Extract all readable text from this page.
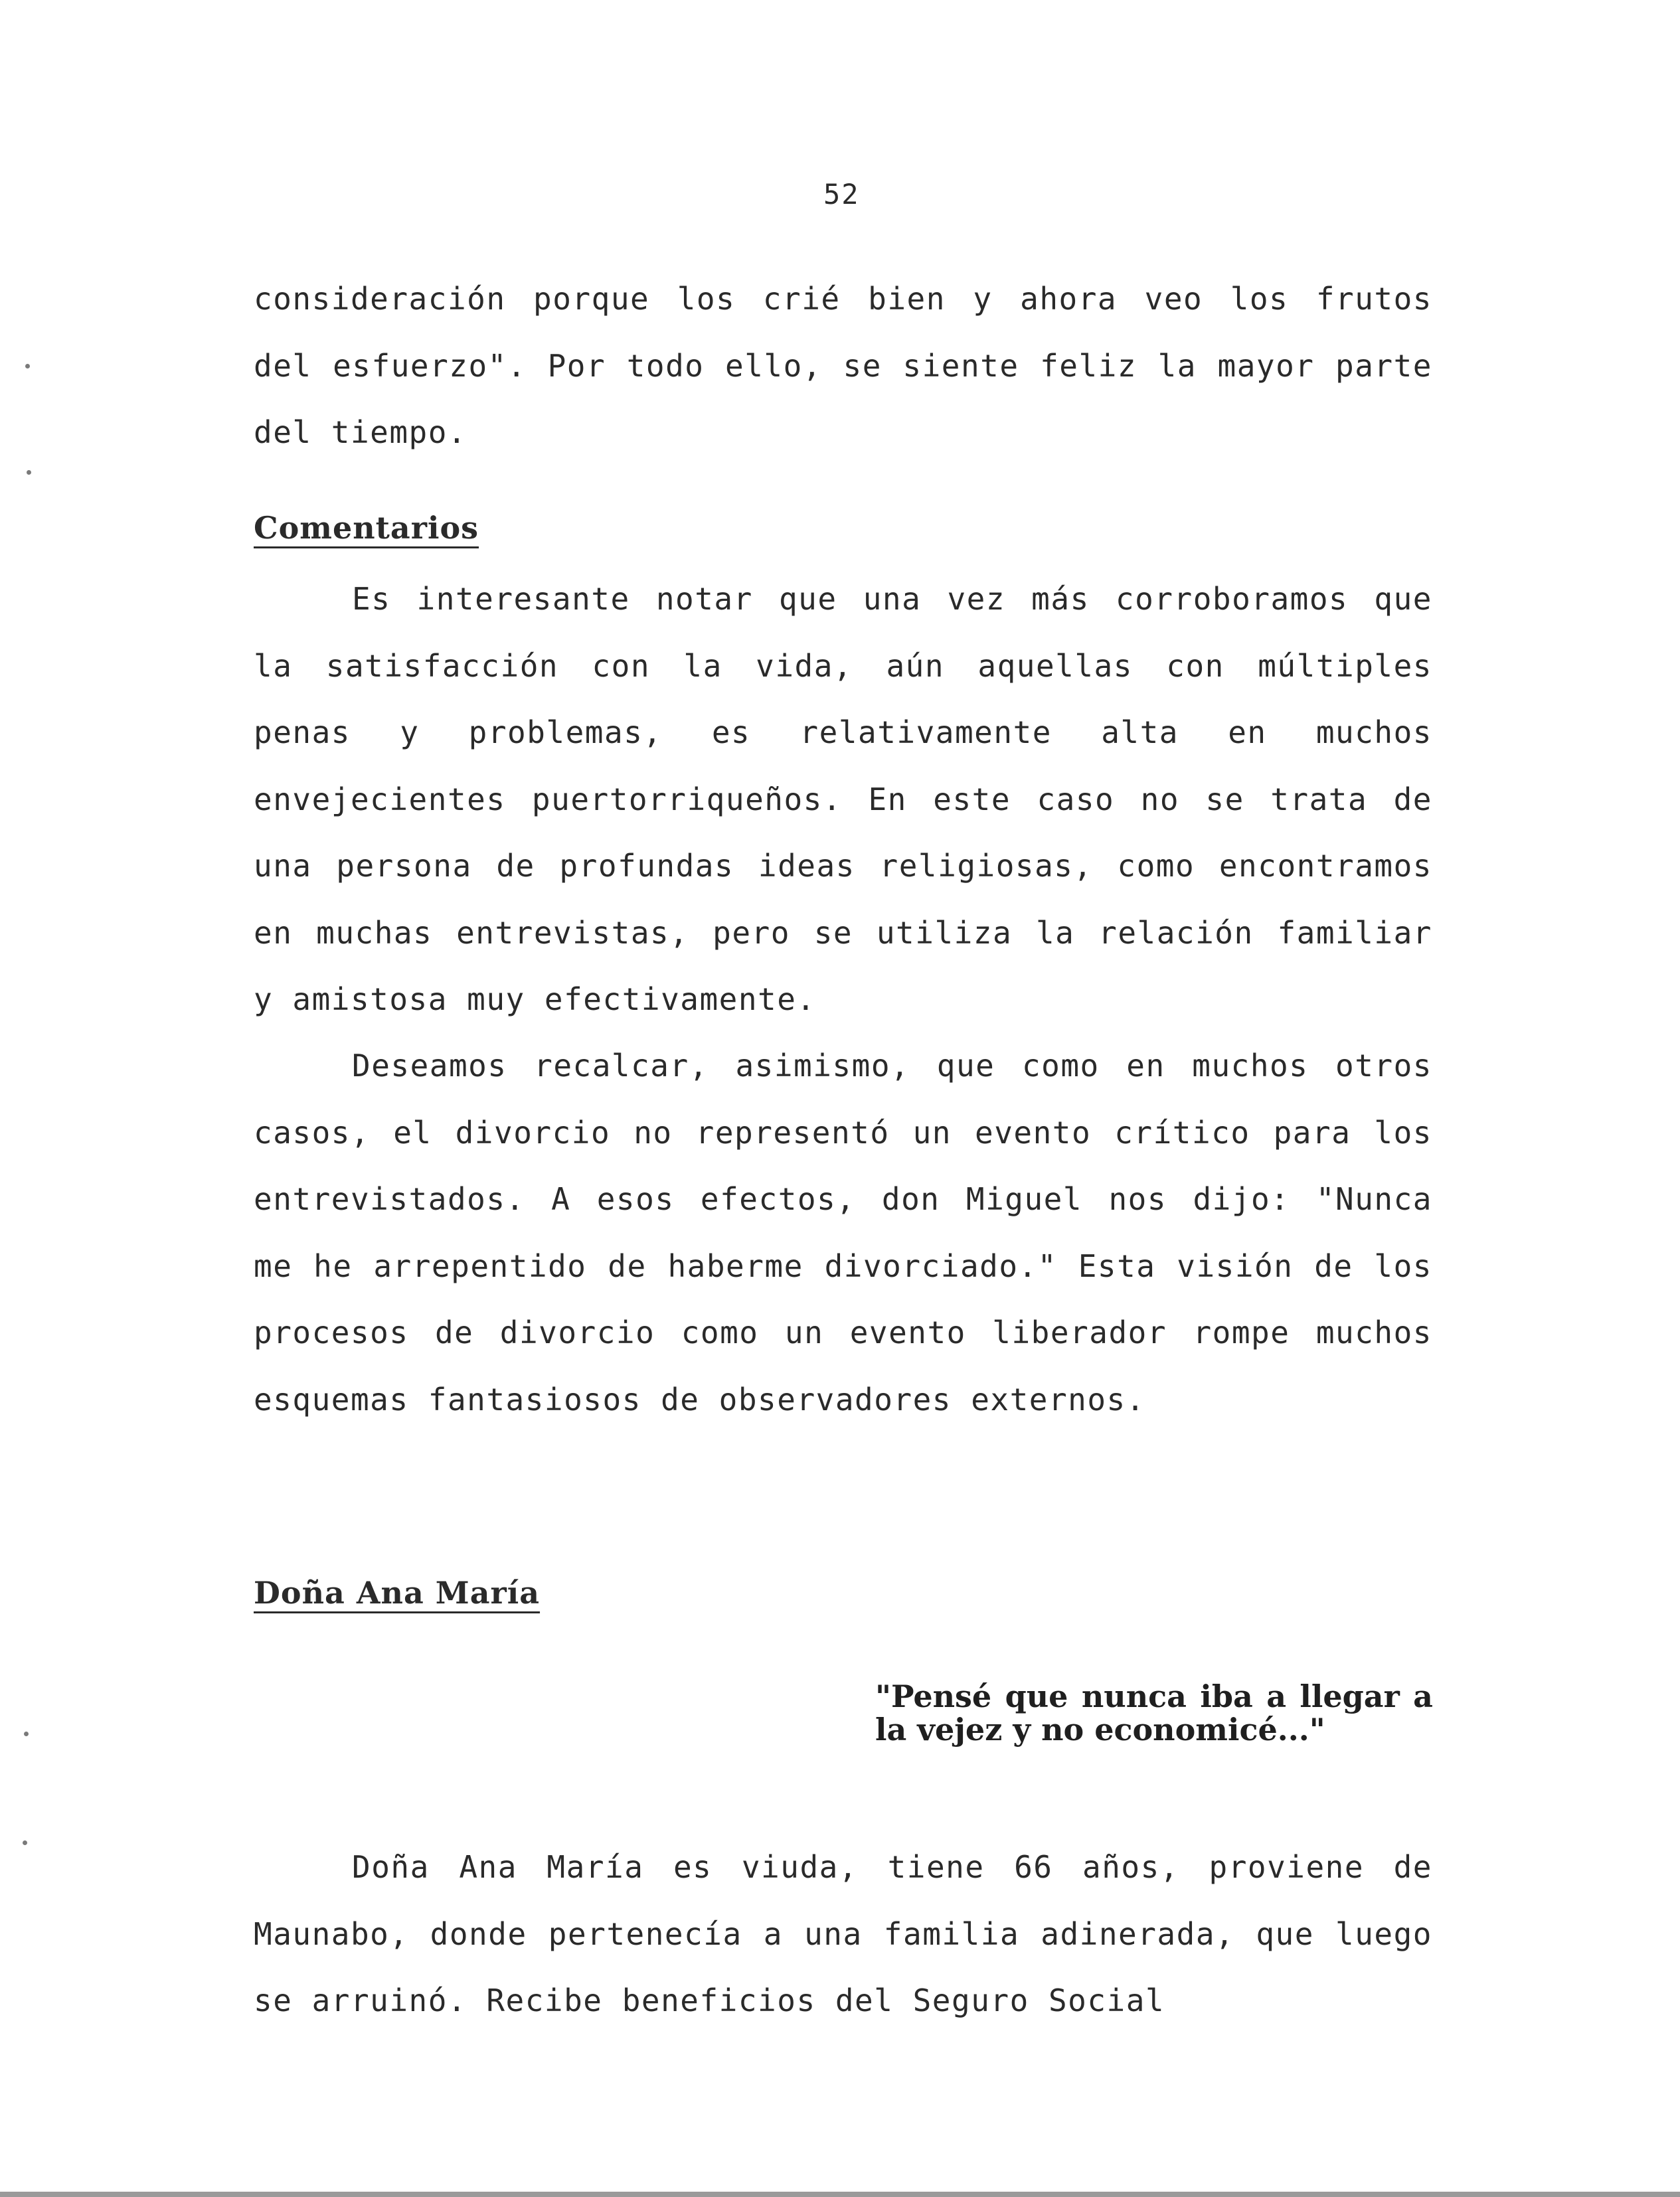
52

consideración porque los crié bien y ahora veo los frutos del esfuerzo". Por todo ello, se siente feliz la mayor parte del tiempo.

Comentarios

Es interesante notar que una vez más corroboramos que la satisfacción con la vida, aún aquellas con múltiples penas y problemas, es relativamente alta en muchos envejecientes puertorriqueños. En este caso no se trata de una persona de profundas ideas religiosas, como encontramos en muchas entrevistas, pero se utiliza la relación familiar y amistosa muy efectivamente.

Deseamos recalcar, asimismo, que como en muchos otros casos, el divorcio no representó un evento crítico para los entrevistados. A esos efectos, don Miguel nos dijo: "Nunca me he arrepentido de haberme divorciado." Esta visión de los procesos de divorcio como un evento liberador rompe muchos esquemas fantasiosos de observadores externos.

Doña Ana María

"Pensé que nunca iba a llegar a la vejez y no economicé..."

Doña Ana María es viuda, tiene 66 años, proviene de Maunabo, donde pertenecía a una familia adinerada, que luego se arruinó. Recibe beneficios del Seguro Social
